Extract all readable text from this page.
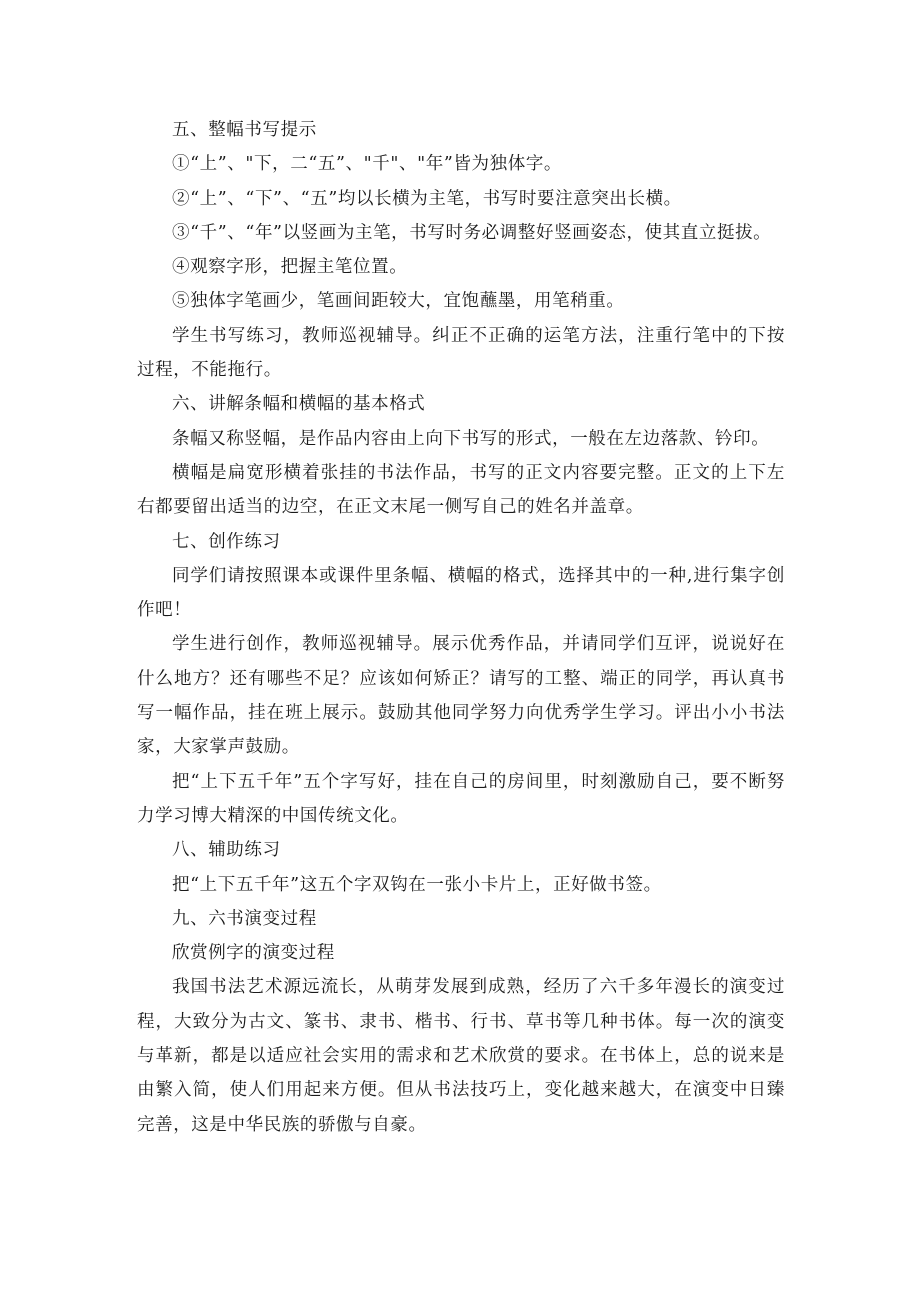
五、整幅书写提示

①“上”、"下，二“五”、"千"、"年”皆为独体字。

②“上”、“下”、“五”均以长横为主笔，书写时要注意突出长横。

③“千”、“年”以竖画为主笔，书写时务必调整好竖画姿态，使其直立挺拔。

④观察字形，把握主笔位置。

⑤独体字笔画少，笔画间距较大，宜饱蘸墨，用笔稍重。

学生书写练习，教师巡视辅导。纠正不正确的运笔方法，注重行笔中的下按过程，不能拖行。

六、讲解条幅和横幅的基本格式

条幅又称竖幅，是作品内容由上向下书写的形式，一般在左边落款、钤印。

横幅是扁宽形横着张挂的书法作品，书写的正文内容要完整。正文的上下左右都要留出适当的边空，在正文末尾一侧写自己的姓名并盖章。

七、创作练习

同学们请按照课本或课件里条幅、横幅的格式，选择其中的一种,进行集字创作吧！

学生进行创作，教师巡视辅导。展示优秀作品，并请同学们互评，说说好在什么地方？还有哪些不足？应该如何矫正？请写的工整、端正的同学，再认真书写一幅作品，挂在班上展示。鼓励其他同学努力向优秀学生学习。评出小小书法家，大家掌声鼓励。

把“上下五千年”五个字写好，挂在自己的房间里，时刻激励自己，要不断努力学习博大精深的中国传统文化。

八、辅助练习

把“上下五千年”这五个字双钩在一张小卡片上，正好做书签。

九、六书演变过程

欣赏例字的演变过程

我国书法艺术源远流长，从萌芽发展到成熟，经历了六千多年漫长的演变过程，大致分为古文、篆书、隶书、楷书、行书、草书等几种书体。每一次的演变与革新，都是以适应社会实用的需求和艺术欣赏的要求。在书体上，总的说来是由繁入简，使人们用起来方便。但从书法技巧上，变化越来越大，在演变中日臻完善，这是中华民族的骄傲与自豪。
